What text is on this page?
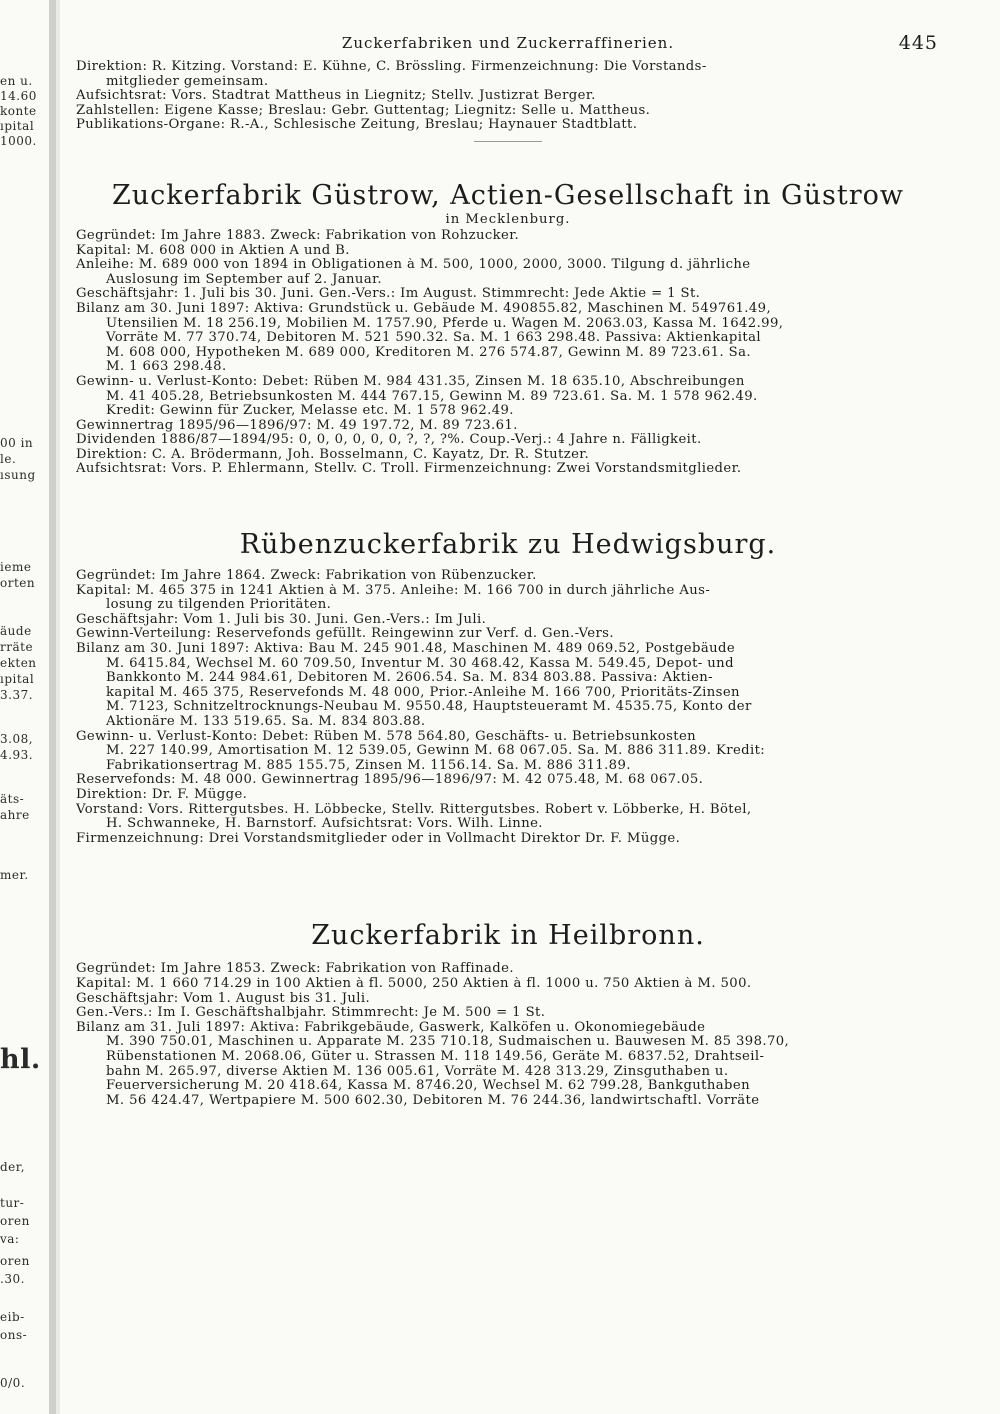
en u.
14.60
konte
ıpital
1000.
00 in
le.
ısung
ieme
orten
äude
rräte
ekten
ıpital
3.37.
3.08,
4.93.
äts-
ahre
mer.
hl.
der,
tur-
oren
va:
oren
.30.
eib-
ons-
0/0.
Zuckerfabriken und Zuckerraffinerien.	445
Direktion: R. Kitzing. Vorstand: E. Kühne, C. Brössling. Firmenzeichnung: Die Vorstands-
mitglieder gemeinsam.
Aufsichtsrat: Vors. Stadtrat Mattheus in Liegnitz; Stellv. Justizrat Berger.
Zahlstellen: Eigene Kasse; Breslau: Gebr. Guttentag; Liegnitz: Selle u. Mattheus.
Publikations-Organe: R.-A., Schlesische Zeitung, Breslau; Haynauer Stadtblatt.
Zuckerfabrik Güstrow, Actien-Gesellschaft in Güstrow
in Mecklenburg.
Gegründet: Im Jahre 1883. Zweck: Fabrikation von Rohzucker.
Kapital: M. 608 000 in Aktien A und B.
Anleihe: M. 689 000 von 1894 in Obligationen à M. 500, 1000, 2000, 3000. Tilgung d. jährliche
Auslosung im September auf 2. Januar.
Geschäftsjahr: 1. Juli bis 30. Juni. Gen.-Vers.: Im August. Stimmrecht: Jede Aktie = 1 St.
Bilanz am 30. Juni 1897: Aktiva: Grundstück u. Gebäude M. 490855.82, Maschinen M. 549761.49,
Utensilien M. 18 256.19, Mobilien M. 1757.90, Pferde u. Wagen M. 2063.03, Kassa M. 1642.99,
Vorräte M. 77 370.74, Debitoren M. 521 590.32. Sa. M. 1 663 298.48. Passiva: Aktienkapital
M. 608 000, Hypotheken M. 689 000, Kreditoren M. 276 574.87, Gewinn M. 89 723.61. Sa.
M. 1 663 298.48.
Gewinn- u. Verlust-Konto: Debet: Rüben M. 984 431.35, Zinsen M. 18 635.10, Abschreibungen
M. 41 405.28, Betriebsunkosten M. 444 767.15, Gewinn M. 89 723.61. Sa. M. 1 578 962.49.
Kredit: Gewinn für Zucker, Melasse etc. M. 1 578 962.49.
Gewinnertrag 1895/96—1896/97: M. 49 197.72, M. 89 723.61.
Dividenden 1886/87—1894/95: 0, 0, 0, 0, 0, 0, ?, ?, ?%. Coup.-Verj.: 4 Jahre n. Fälligkeit.
Direktion: C. A. Brödermann, Joh. Bosselmann, C. Kayatz, Dr. R. Stutzer.
Aufsichtsrat: Vors. P. Ehlermann, Stellv. C. Troll. Firmenzeichnung: Zwei Vorstandsmitglieder.
Rübenzuckerfabrik zu Hedwigsburg.
Gegründet: Im Jahre 1864. Zweck: Fabrikation von Rübenzucker.
Kapital: M. 465 375 in 1241 Aktien à M. 375. Anleihe: M. 166 700 in durch jährliche Aus-
losung zu tilgenden Prioritäten.
Geschäftsjahr: Vom 1. Juli bis 30. Juni. Gen.-Vers.: Im Juli.
Gewinn-Verteilung: Reservefonds gefüllt. Reingewinn zur Verf. d. Gen.-Vers.
Bilanz am 30. Juni 1897: Aktiva: Bau M. 245 901.48, Maschinen M. 489 069.52, Postgebäude
M. 6415.84, Wechsel M. 60 709.50, Inventur M. 30 468.42, Kassa M. 549.45, Depot- und
Bankkonto M. 244 984.61, Debitoren M. 2606.54. Sa. M. 834 803.88. Passiva: Aktien-
kapital M. 465 375, Reservefonds M. 48 000, Prior.-Anleihe M. 166 700, Prioritäts-Zinsen
M. 7123, Schnitzeltrocknungs-Neubau M. 9550.48, Hauptsteueramt M. 4535.75, Konto der
Aktionäre M. 133 519.65. Sa. M. 834 803.88.
Gewinn- u. Verlust-Konto: Debet: Rüben M. 578 564.80, Geschäfts- u. Betriebsunkosten
M. 227 140.99, Amortisation M. 12 539.05, Gewinn M. 68 067.05. Sa. M. 886 311.89. Kredit:
Fabrikationsertrag M. 885 155.75, Zinsen M. 1156.14. Sa. M. 886 311.89.
Reservefonds: M. 48 000. Gewinnertrag 1895/96—1896/97: M. 42 075.48, M. 68 067.05.
Direktion: Dr. F. Mügge.
Vorstand: Vors. Rittergutsbes. H. Löbbecke, Stellv. Rittergutsbes. Robert v. Löbberke, H. Bötel,
H. Schwanneke, H. Barnstorf. Aufsichtsrat: Vors. Wilh. Linne.
Firmenzeichnung: Drei Vorstandsmitglieder oder in Vollmacht Direktor Dr. F. Mügge.
Zuckerfabrik in Heilbronn.
Gegründet: Im Jahre 1853. Zweck: Fabrikation von Raffinade.
Kapital: M. 1 660 714.29 in 100 Aktien à fl. 5000, 250 Aktien à fl. 1000 u. 750 Aktien à M. 500.
Geschäftsjahr: Vom 1. August bis 31. Juli.
Gen.-Vers.: Im I. Geschäftshalbjahr. Stimmrecht: Je M. 500 = 1 St.
Bilanz am 31. Juli 1897: Aktiva: Fabrikgebäude, Gaswerk, Kalköfen u. Ökonomiegebäude
M. 390 750.01, Maschinen u. Apparate M. 235 710.18, Sudmaischen u. Bauwesen M. 85 398.70,
Rübenstationen M. 2068.06, Güter u. Strassen M. 118 149.56, Geräte M. 6837.52, Drahtseil-
bahn M. 265.97, diverse Aktien M. 136 005.61, Vorräte M. 428 313.29, Zinsguthaben u.
Feuerversicherung M. 20 418.64, Kassa M. 8746.20, Wechsel M. 62 799.28, Bankguthaben
M. 56 424.47, Wertpapiere M. 500 602.30, Debitoren M. 76 244.36, landwirtschaftl. Vorräte
